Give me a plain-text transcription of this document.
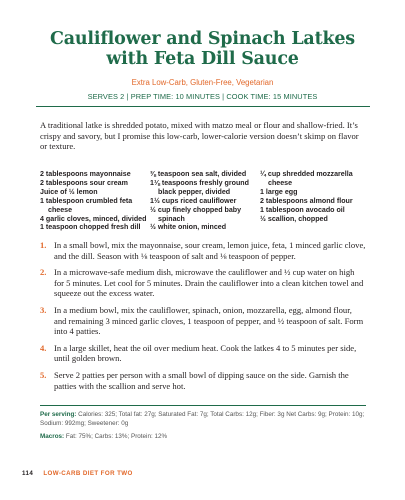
Cauliflower and Spinach Latkes
with Feta Dill Sauce
Extra Low-Carb, Gluten-Free, Vegetarian
SERVES 2 | PREP TIME: 10 MINUTES | COOK TIME: 15 MINUTES

A traditional latke is shredded potato, mixed with matzo meal or flour and shallow-fried. It’s crispy and savory, but I promise this low-carb, lower-calorie version doesn’t skimp on flavor or texture.

2 tablespoons mayonnaise

2 tablespoons sour cream

Juice of ½ lemon

1 tablespoon crumbled feta cheese

4 garlic cloves, minced, divided

1 teaspoon chopped fresh dill

⅜ teaspoon sea salt, divided

1⅛ teaspoons freshly ground black pepper, divided

1½ cups riced cauliflower

½ cup finely chopped baby spinach

½ white onion, minced

¼ cup shredded mozzarella cheese

1 large egg

2 tablespoons almond flour

1 tablespoon avocado oil

½ scallion, chopped

1. In a small bowl, mix the mayonnaise, sour cream, lemon juice, feta, 1 minced garlic clove, and the dill. Season with ⅛ teaspoon of salt and ⅛ teaspoon of pepper.
2. In a microwave-safe medium dish, microwave the cauliflower and ½ cup water on high for 5 minutes. Let cool for 5 minutes. Drain the cauliflower into a clean kitchen towel and squeeze out the excess water.
3. In a medium bowl, mix the cauliflower, spinach, onion, mozzarella, egg, almond flour, and remaining 3 minced garlic cloves, 1 teaspoon of pepper, and ½ teaspoon of salt. Form into 4 patties.
4. In a large skillet, heat the oil over medium heat. Cook the latkes 4 to 5 minutes per side, until golden brown.
5. Serve 2 patties per person with a small bowl of dipping sauce on the side. Garnish the patties with the scallion and serve hot.
Per serving: Calories: 325; Total fat: 27g; Saturated Fat: 7g; Total Carbs: 12g; Fiber: 3g Net Carbs: 9g; Protein: 10g; Sodium: 992mg; Sweetener: 0g
Macros: Fat: 75%; Carbs: 13%; Protein: 12%
114 LOW-CARB DIET FOR TWO
